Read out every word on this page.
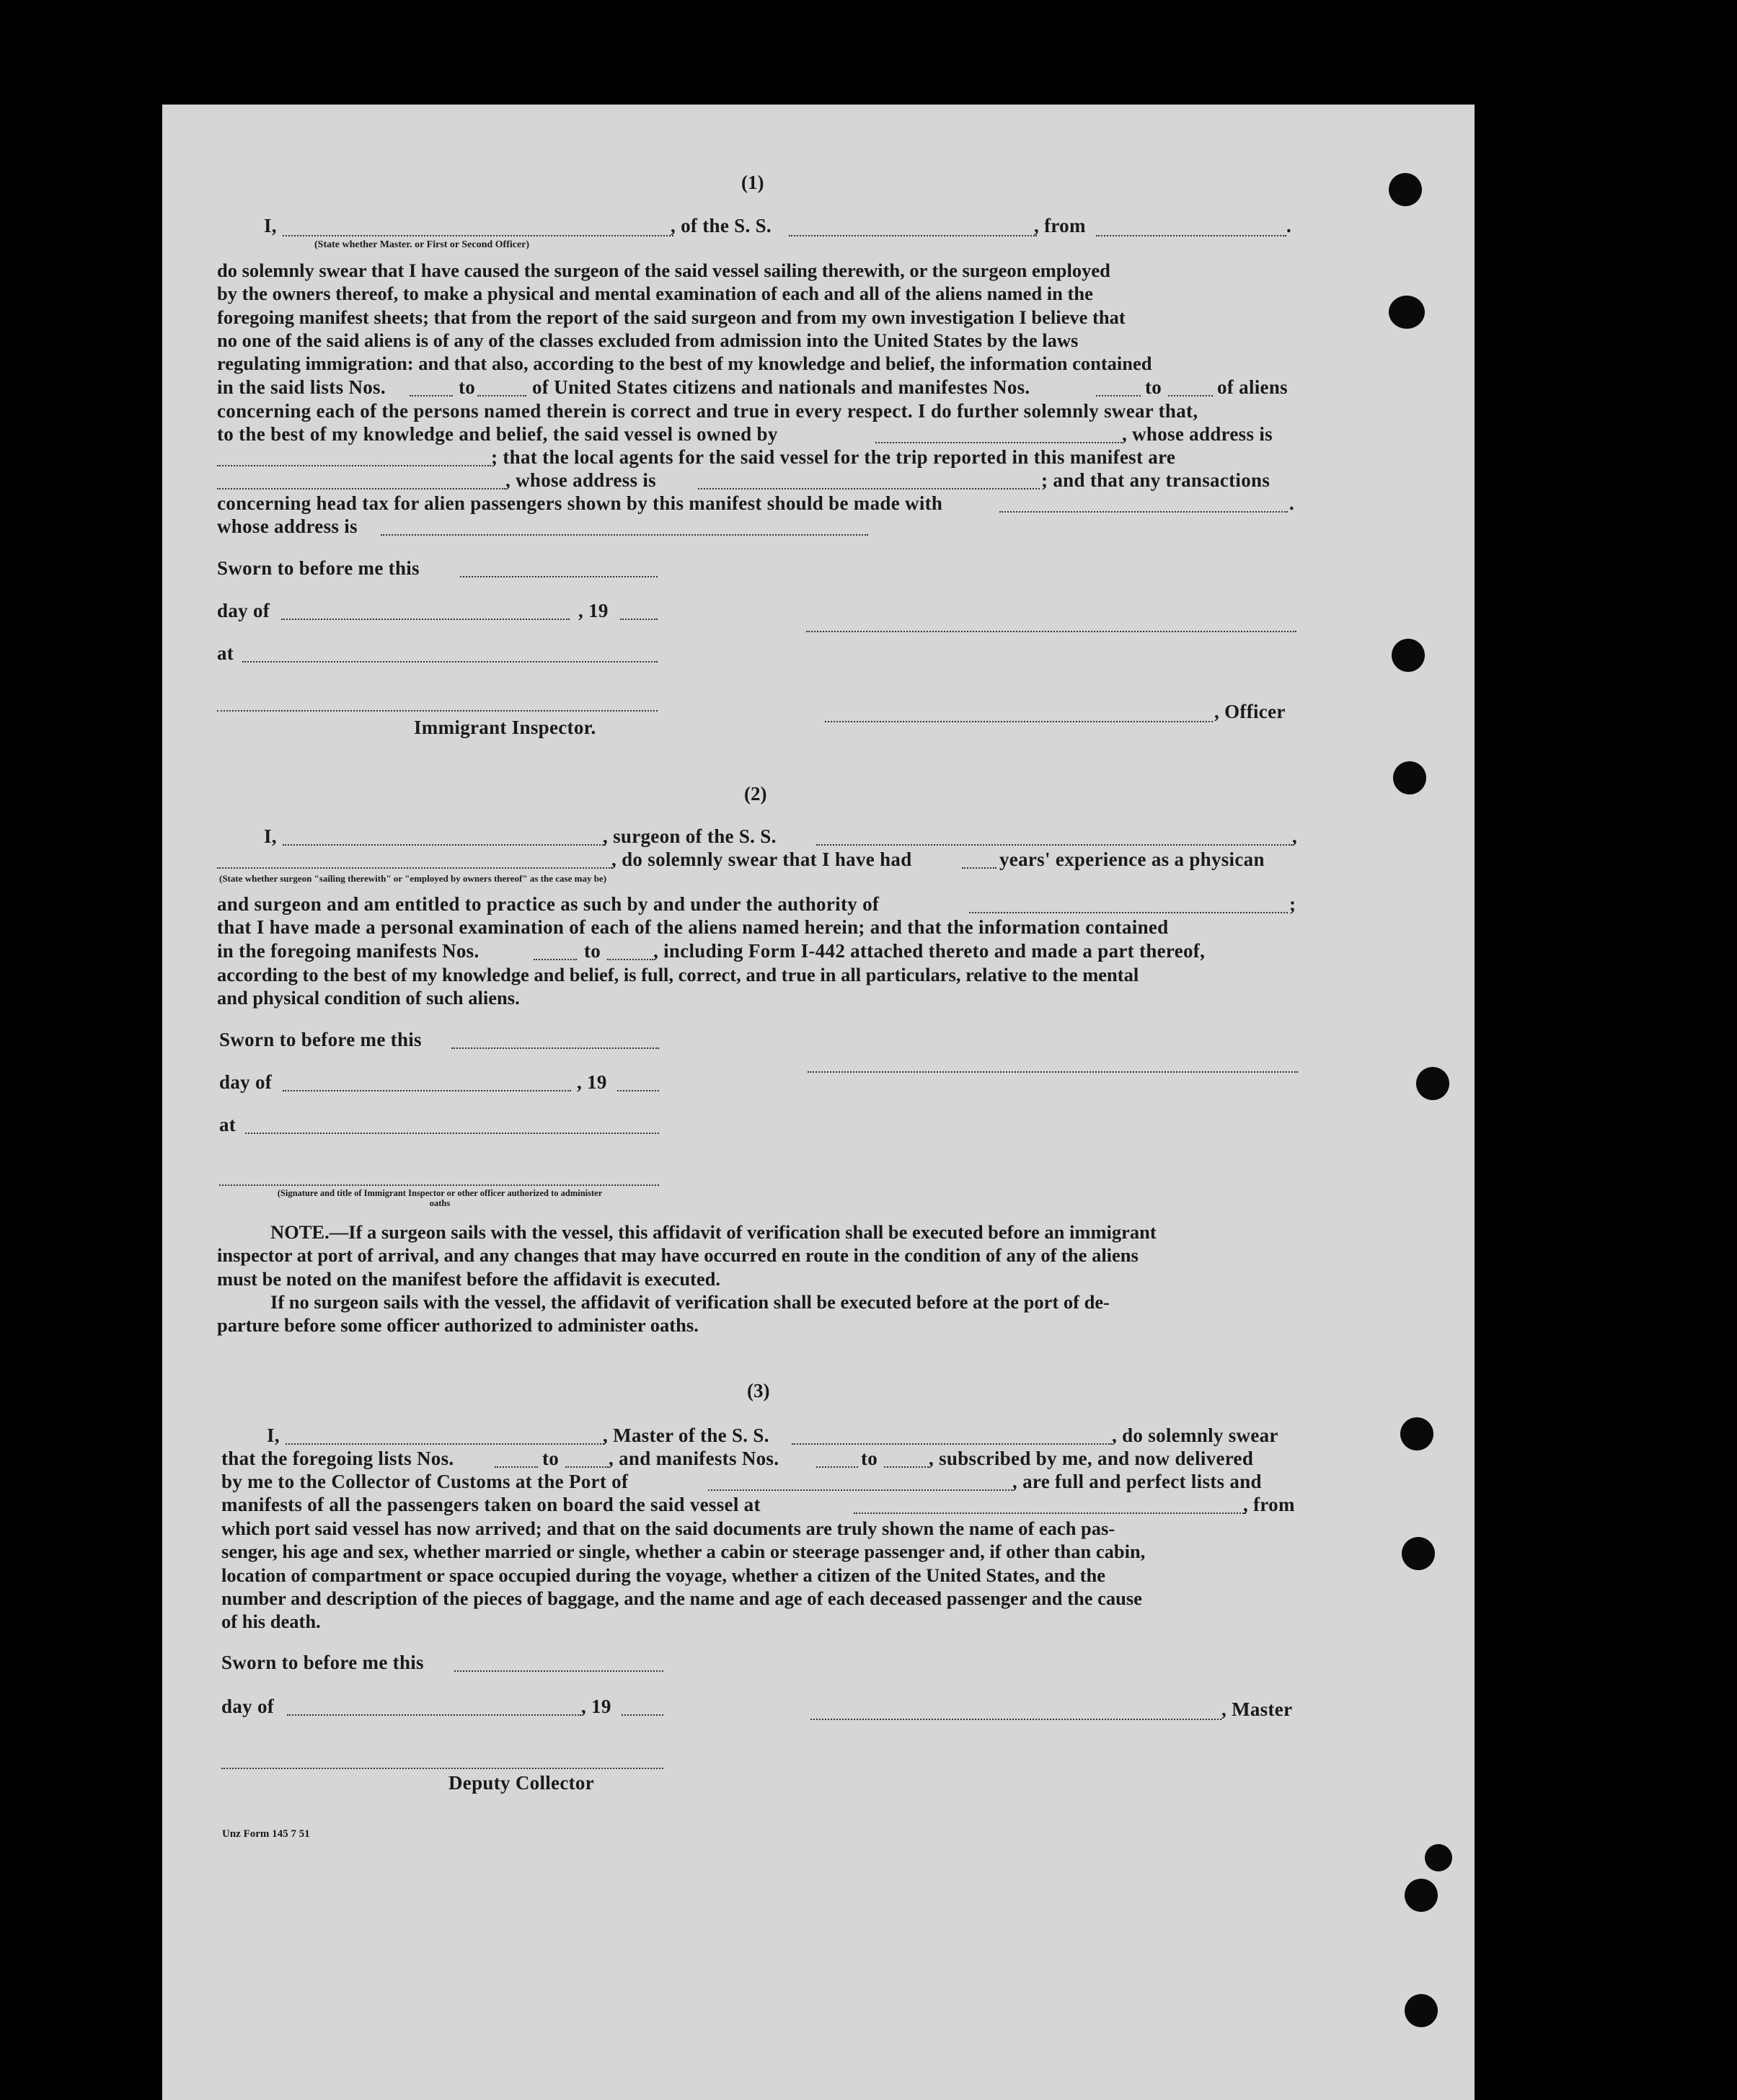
(1)
I,	, of the S. S.	, from	.
(State whether Master. or First or Second Officer)
do solemnly swear that I have caused the surgeon of the said vessel sailing therewith, or the surgeon employed
by the owners thereof, to make a physical and mental examination of each and all of the aliens named in the
foregoing manifest sheets; that from the report of the said surgeon and from my own investigation I believe that
no one of the said aliens is of any of the classes excluded from admission into the United States by the laws
regulating immigration: and that also, according to the best of my knowledge and belief, the information contained
in the said lists Nos.	to	of United States citizens and nationals and manifestes Nos.	to	of aliens
concerning each of the persons named therein is correct and true in every respect. I do further solemnly swear that,
to the best of my knowledge and belief, the said vessel is owned by	, whose address is
; that the local agents for the said vessel for the trip reported in this manifest are
, whose address is	; and that any transactions
concerning head tax for alien passengers shown by this manifest should be made with	.
whose address is
Sworn to before me this
day of	, 19
at
Immigrant Inspector.
, Officer
(2)
I,	, surgeon of the S. S.	,
, do solemnly swear that I have had	years' experience as a physican
(State whether surgeon "sailing therewith" or "employed by owners thereof" as the case may be)
and surgeon and am entitled to practice as such by and under the authority of	;
that I have made a personal examination of each of the aliens named herein; and that the information contained
in the foregoing manifests Nos.	to	, including Form I-442 attached thereto and made a part thereof,
according to the best of my knowledge and belief, is full, correct, and true in all particulars, relative to the mental
and physical condition of such aliens.
Sworn to before me this
day of	, 19
at
(Signature and title of Immigrant Inspector or other officer authorized to administer oaths
NOTE.—If a surgeon sails with the vessel, this affidavit of verification shall be executed before an immigrant
inspector at port of arrival, and any changes that may have occurred en route in the condition of any of the aliens
must be noted on the manifest before the affidavit is executed.
If no surgeon sails with the vessel, the affidavit of verification shall be executed before at the port of de-
parture before some officer authorized to administer oaths.
(3)
I,	, Master of the S. S.	, do solemnly swear
that the foregoing lists Nos.	to	, and manifests Nos.	to	, subscribed by me, and now delivered
by me to the Collector of Customs at the Port of	, are full and perfect lists and
manifests of all the passengers taken on board the said vessel at	, from
which port said vessel has now arrived; and that on the said documents are truly shown the name of each pas-
senger, his age and sex, whether married or single, whether a cabin or steerage passenger and, if other than cabin,
location of compartment or space occupied during the voyage, whether a citizen of the United States, and the
number and description of the pieces of baggage, and the name and age of each deceased passenger and the cause
of his death.
Sworn to before me this
day of	, 19	, Master
Deputy Collector
Unz Form 145 7 51
